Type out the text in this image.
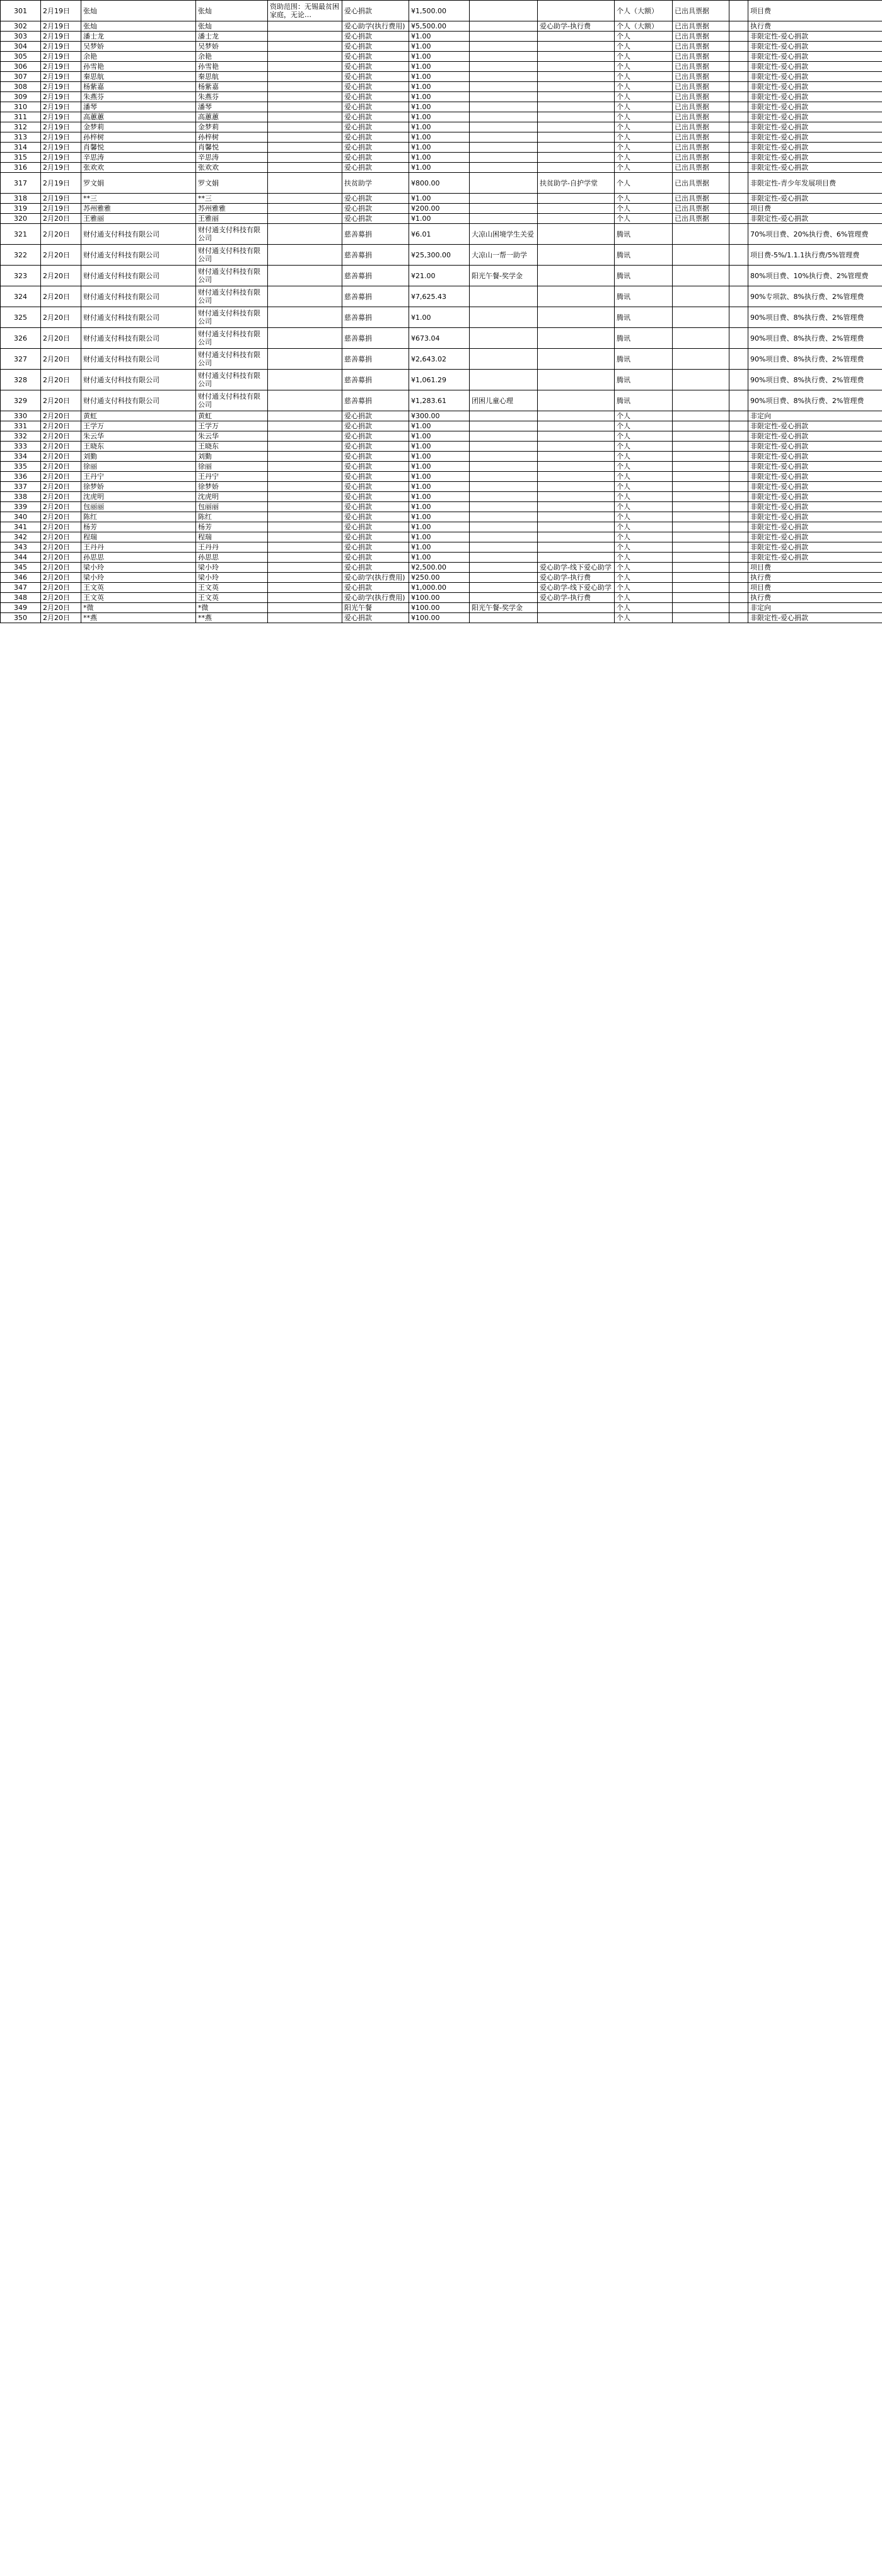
301	2月19日	张灿	张灿	资助范围：无锡最贫困家庭，无论…	爱心捐款	¥1,500.00			个人（大额）	已出具票据		项目费
302	2月19日	张灿	张灿		爱心助学(执行费用)	¥5,500.00		爱心助学-执行费	个人（大额）	已出具票据		执行费
303	2月19日	潘士龙	潘士龙		爱心捐款	¥1.00			个人	已出具票据		非限定性-爱心捐款
304	2月19日	吴梦娇	吴梦娇		爱心捐款	¥1.00			个人	已出具票据		非限定性-爱心捐款
305	2月19日	余艳	余艳		爱心捐款	¥1.00			个人	已出具票据		非限定性-爱心捐款
306	2月19日	孙雪艳	孙雪艳		爱心捐款	¥1.00			个人	已出具票据		非限定性-爱心捐款
307	2月19日	秦思航	秦思航		爱心捐款	¥1.00			个人	已出具票据		非限定性-爱心捐款
308	2月19日	杨紫嘉	杨紫嘉		爱心捐款	¥1.00			个人	已出具票据		非限定性-爱心捐款
309	2月19日	朱燕芬	朱燕芬		爱心捐款	¥1.00			个人	已出具票据		非限定性-爱心捐款
310	2月19日	潘琴	潘琴		爱心捐款	¥1.00			个人	已出具票据		非限定性-爱心捐款
311	2月19日	高蕙蕙	高蕙蕙		爱心捐款	¥1.00			个人	已出具票据		非限定性-爱心捐款
312	2月19日	金梦莉	金梦莉		爱心捐款	¥1.00			个人	已出具票据		非限定性-爱心捐款
313	2月19日	孙梓树	孙梓树		爱心捐款	¥1.00			个人	已出具票据		非限定性-爱心捐款
314	2月19日	肖馨悦	肖馨悦		爱心捐款	¥1.00			个人	已出具票据		非限定性-爱心捐款
315	2月19日	辛思涛	辛思涛		爱心捐款	¥1.00			个人	已出具票据		非限定性-爱心捐款
316	2月19日	张欢欢	张欢欢		爱心捐款	¥1.00			个人	已出具票据		非限定性-爱心捐款
317	2月19日	罗文娟	罗文娟		扶贫助学	¥800.00		扶贫助学-自护学堂	个人	已出具票据		非限定性-青少年发展项目费
318	2月19日	**三	**三		爱心捐款	¥1.00			个人	已出具票据		非限定性-爱心捐款
319	2月19日	苏州雅雅	苏州雅雅		爱心捐款	¥200.00			个人	已出具票据		项目费
320	2月20日	王雅丽	王雅丽		爱心捐款	¥1.00			个人	已出具票据		非限定性-爱心捐款
321	2月20日	财付通支付科技有限公司	财付通支付科技有限公司		慈善募捐	¥6.01	大凉山困境学生关爱		腾讯			70%项目费、20%执行费、6%管理费
322	2月20日	财付通支付科技有限公司	财付通支付科技有限公司		慈善募捐	¥25,300.00	大凉山一帮一助学		腾讯			项目费-5%/1.1.1执行费/5%管理费
323	2月20日	财付通支付科技有限公司	财付通支付科技有限公司		慈善募捐	¥21.00	阳光午餐-奖学金		腾讯			80%项目费、10%执行费、2%管理费
324	2月20日	财付通支付科技有限公司	财付通支付科技有限公司		慈善募捐	¥7,625.43			腾讯			90%专项款、8%执行费、2%管理费
325	2月20日	财付通支付科技有限公司	财付通支付科技有限公司		慈善募捐	¥1.00			腾讯			90%项目费、8%执行费、2%管理费
326	2月20日	财付通支付科技有限公司	财付通支付科技有限公司		慈善募捐	¥673.04			腾讯			90%项目费、8%执行费、2%管理费
327	2月20日	财付通支付科技有限公司	财付通支付科技有限公司		慈善募捐	¥2,643.02			腾讯			90%项目费、8%执行费、2%管理费
328	2月20日	财付通支付科技有限公司	财付通支付科技有限公司		慈善募捐	¥1,061.29			腾讯			90%项目费、8%执行费、2%管理费
329	2月20日	财付通支付科技有限公司	财付通支付科技有限公司		慈善募捐	¥1,283.61	团困儿童心理		腾讯			90%项目费、8%执行费、2%管理费
330	2月20日	黄虹	黄虹		爱心捐款	¥300.00			个人			非定向
331	2月20日	王学万	王学万		爱心捐款	¥1.00			个人			非限定性-爱心捐款
332	2月20日	朱云华	朱云华		爱心捐款	¥1.00			个人			非限定性-爱心捐款
333	2月20日	王晓东	王晓东		爱心捐款	¥1.00			个人			非限定性-爱心捐款
334	2月20日	刘勤	刘勤		爱心捐款	¥1.00			个人			非限定性-爱心捐款
335	2月20日	徐丽	徐丽		爱心捐款	¥1.00			个人			非限定性-爱心捐款
336	2月20日	王丹宁	王丹宁		爱心捐款	¥1.00			个人			非限定性-爱心捐款
337	2月20日	徐梦娇	徐梦娇		爱心捐款	¥1.00			个人			非限定性-爱心捐款
338	2月20日	沈虎明	沈虎明		爱心捐款	¥1.00			个人			非限定性-爱心捐款
339	2月20日	包丽丽	包丽丽		爱心捐款	¥1.00			个人			非限定性-爱心捐款
340	2月20日	陈红	陈红		爱心捐款	¥1.00			个人			非限定性-爱心捐款
341	2月20日	杨芳	杨芳		爱心捐款	¥1.00			个人			非限定性-爱心捐款
342	2月20日	程瑞	程瑞		爱心捐款	¥1.00			个人			非限定性-爱心捐款
343	2月20日	王丹丹	王丹丹		爱心捐款	¥1.00			个人			非限定性-爱心捐款
344	2月20日	孙思思	孙思思		爱心捐款	¥1.00			个人			非限定性-爱心捐款
345	2月20日	梁小玲	梁小玲		爱心捐款	¥2,500.00		爱心助学-线下爱心助学	个人			项目费
346	2月20日	梁小玲	梁小玲		爱心助学(执行费用)	¥250.00		爱心助学-执行费	个人			执行费
347	2月20日	王文英	王文英		爱心捐款	¥1,000.00		爱心助学-线下爱心助学	个人			项目费
348	2月20日	王文英	王文英		爱心助学(执行费用)	¥100.00		爱心助学-执行费	个人			执行费
349	2月20日	*微	*微		阳光午餐	¥100.00	阳光午餐-奖学金		个人			非定向
350	2月20日	**燕	**燕		爱心捐款	¥100.00			个人			非限定性-爱心捐款
